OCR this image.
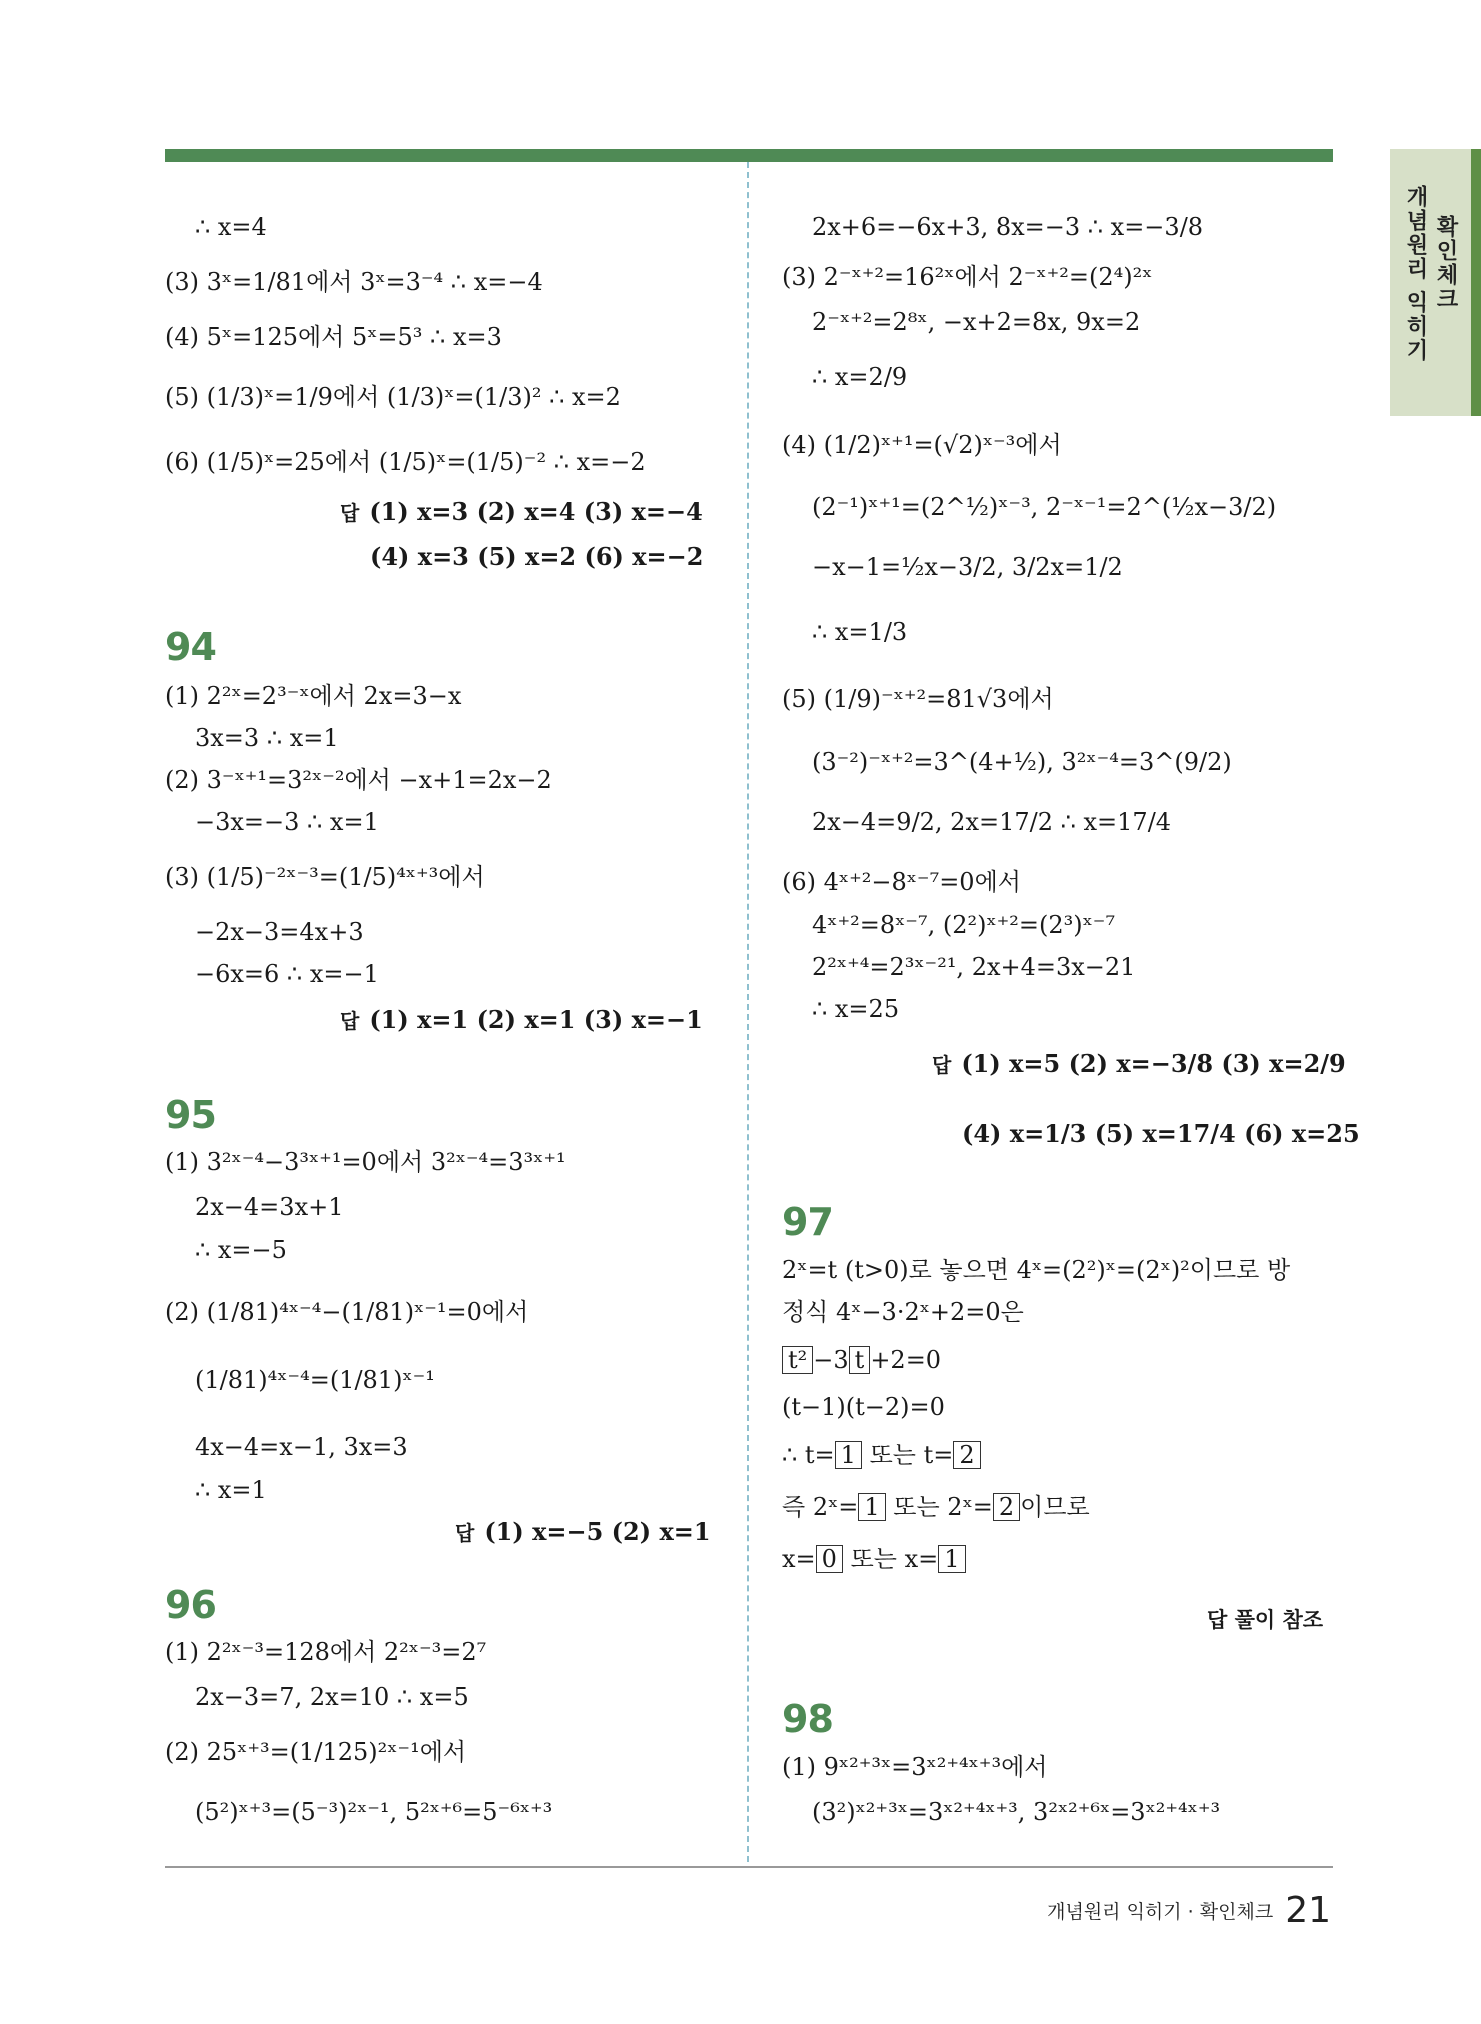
개념원리 익히기 확인체크
∴ x=4
(3) 3ˣ=1/81에서 3ˣ=3⁻⁴ ∴ x=−4
(4) 5ˣ=125에서 5ˣ=5³ ∴ x=3
(5) (1/3)ˣ=1/9에서 (1/3)ˣ=(1/3)² ∴ x=2
(6) (1/5)ˣ=25에서 (1/5)ˣ=(1/5)⁻² ∴ x=−2
답 (1) x=3 (2) x=4 (3) x=−4
(4) x=3 (5) x=2 (6) x=−2
94
(1) 2²ˣ=2³⁻ˣ에서 2x=3−x
3x=3 ∴ x=1
(2) 3⁻ˣ⁺¹=3²ˣ⁻²에서 −x+1=2x−2
−3x=−3 ∴ x=1
(3) (1/5)⁻²ˣ⁻³=(1/5)⁴ˣ⁺³에서
−2x−3=4x+3
−6x=6 ∴ x=−1
답 (1) x=1 (2) x=1 (3) x=−1
95
(1) 3²ˣ⁻⁴−3³ˣ⁺¹=0에서 3²ˣ⁻⁴=3³ˣ⁺¹
2x−4=3x+1
∴ x=−5
(2) (1/81)⁴ˣ⁻⁴−(1/81)ˣ⁻¹=0에서
(1/81)⁴ˣ⁻⁴=(1/81)ˣ⁻¹
4x−4=x−1, 3x=3
∴ x=1
답 (1) x=−5 (2) x=1
96
(1) 2²ˣ⁻³=128에서 2²ˣ⁻³=2⁷
2x−3=7, 2x=10 ∴ x=5
(2) 25ˣ⁺³=(1/125)²ˣ⁻¹에서
(5²)ˣ⁺³=(5⁻³)²ˣ⁻¹, 5²ˣ⁺⁶=5⁻⁶ˣ⁺³
2x+6=−6x+3, 8x=−3 ∴ x=−3/8
(3) 2⁻ˣ⁺²=16²ˣ에서 2⁻ˣ⁺²=(2⁴)²ˣ
2⁻ˣ⁺²=2⁸ˣ, −x+2=8x, 9x=2
∴ x=2/9
(4) (1/2)ˣ⁺¹=(√2)ˣ⁻³에서
(2⁻¹)ˣ⁺¹=(2^½)ˣ⁻³, 2⁻ˣ⁻¹=2^(½x−3/2)
−x−1=½x−3/2, 3/2x=1/2
∴ x=1/3
(5) (1/9)⁻ˣ⁺²=81√3에서
(3⁻²)⁻ˣ⁺²=3^(4+½), 3²ˣ⁻⁴=3^(9/2)
2x−4=9/2, 2x=17/2 ∴ x=17/4
(6) 4ˣ⁺²−8ˣ⁻⁷=0에서
4ˣ⁺²=8ˣ⁻⁷, (2²)ˣ⁺²=(2³)ˣ⁻⁷
2²ˣ⁺⁴=2³ˣ⁻²¹, 2x+4=3x−21
∴ x=25
답 (1) x=5 (2) x=−3/8 (3) x=2/9
(4) x=1/3 (5) x=17/4 (6) x=25
97
2ˣ=t (t>0)로 놓으면 4ˣ=(2²)ˣ=(2ˣ)²이므로 방
정식 4ˣ−3·2ˣ+2=0은
t² −3 t +2=0
(t−1)(t−2)=0
∴ t= 1 또는 t= 2
즉 2ˣ= 1 또는 2ˣ= 2 이므로
x= 0 또는 x= 1
답 풀이 참조
98
(1) 9ˣ²⁺³ˣ=3ˣ²⁺⁴ˣ⁺³에서
(3²)ˣ²⁺³ˣ=3ˣ²⁺⁴ˣ⁺³, 3²ˣ²⁺⁶ˣ=3ˣ²⁺⁴ˣ⁺³
개념원리 익히기 · 확인체크 21
